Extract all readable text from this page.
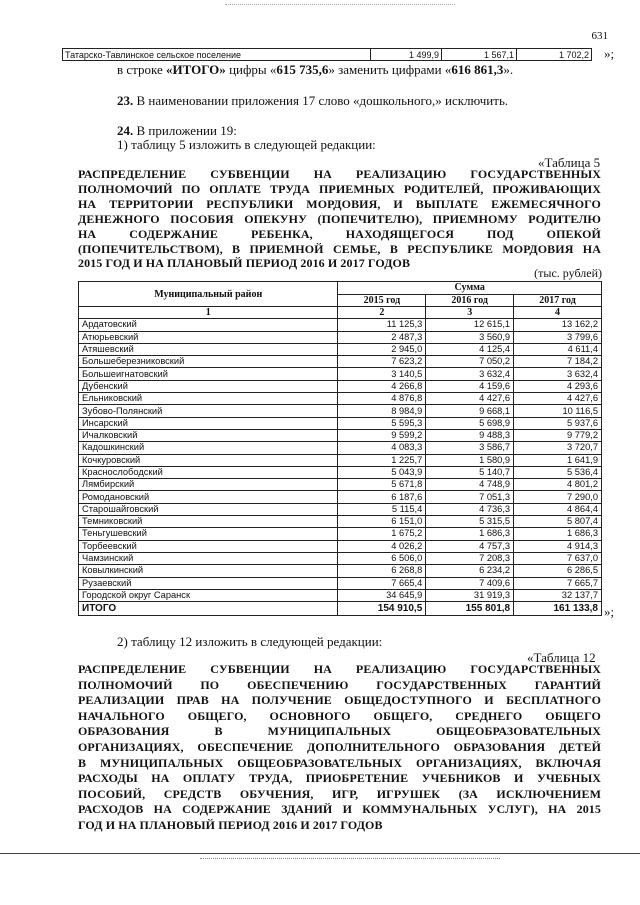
631
Татарско-Тавлинское сельское поселение	1 499,9	1 567,1	1 702,2 »;
в строке «ИТОГО» цифры «615 735,6» заменить цифрами «616 861,3».
23. В наименовании приложения 17 слово «дошкольного,» исключить.
24. В приложении 19:
1) таблицу 5 изложить в следующей редакции:
«Таблица 5
РАСПРЕДЕЛЕНИЕ СУБВЕНЦИИ НА РЕАЛИЗАЦИЮ ГОСУДАРСТВЕННЫХ
ПОЛНОМОЧИЙ ПО ОПЛАТЕ ТРУДА ПРИЕМНЫХ РОДИТЕЛЕЙ, ПРОЖИВАЮЩИХ
НА ТЕРРИТОРИИ РЕСПУБЛИКИ МОРДОВИЯ, И ВЫПЛАТЕ ЕЖЕМЕСЯЧНОГО
ДЕНЕЖНОГО ПОСОБИЯ ОПЕКУНУ (ПОПЕЧИТЕЛЮ), ПРИЕМНОМУ РОДИТЕЛЮ
НА СОДЕРЖАНИЕ РЕБЕНКА, НАХОДЯЩЕГОСЯ ПОД ОПЕКОЙ
(ПОПЕЧИТЕЛЬСТВОМ), В ПРИЕМНОЙ СЕМЬЕ, В РЕСПУБЛИКЕ МОРДОВИЯ НА
2015 ГОД И НА ПЛАНОВЫЙ ПЕРИОД 2016 И 2017 ГОДОВ
(тыс. рублей)
Муниципальный район	Сумма		
	2015 год	2016 год	2017 год
1	2	3	4
Ардатовский	11 125,3	12 615,1	13 162,2
Атюрьевский	2 487,3	3 560,9	3 799,6
Атяшевский	2 945,0	4 125,4	4 611,4
Большеберезниковский	7 623,2	7 050,2	7 184,2
Большеигнатовский	3 140,5	3 632,4	3 632,4
Дубенский	4 266,8	4 159,6	4 293,6
Ельниковский	4 876,8	4 427,6	4 427,6
Зубово-Полянский	8 984,9	9 668,1	10 116,5
Инсарский	5 595,3	5 698,9	5 937,6
Ичалковский	9 599,2	9 488,3	9 779,2
Кадошкинский	4 083,3	3 586,7	3 720,7
Кочкуровский	1 225,7	1 580,9	1 641,9
Краснослободский	5 043,9	5 140,7	5 536,4
Лямбирский	5 671,8	4 748,9	4 801,2
Ромодановский	6 187,6	7 051,3	7 290,0
Старошайговский	5 115,4	4 736,3	4 864,4
Темниковский	6 151,0	5 315,5	5 807,4
Теньгушевский	1 675,2	1 686,3	1 686,3
Торбеевский	4 026,2	4 757,3	4 914,3
Чамзинский	6 506,0	7 208,3	7 637,0
Ковылкинский	6 268,8	6 234,2	6 286,5
Рузаевский	7 665,4	7 409,6	7 665,7
Городской округ Саранск	34 645,9	31 919,3	32 137,7
ИТОГО	154 910,5	155 801,8	161 133,8 »;
2) таблицу 12 изложить в следующей редакции:
«Таблица 12
РАСПРЕДЕЛЕНИЕ СУБВЕНЦИИ НА РЕАЛИЗАЦИЮ ГОСУДАРСТВЕННЫХ
ПОЛНОМОЧИЙ ПО ОБЕСПЕЧЕНИЮ ГОСУДАРСТВЕННЫХ ГАРАНТИЙ
РЕАЛИЗАЦИИ ПРАВ НА ПОЛУЧЕНИЕ ОБЩЕДОСТУПНОГО И БЕСПЛАТНОГО
НАЧАЛЬНОГО ОБЩЕГО, ОСНОВНОГО ОБЩЕГО, СРЕДНЕГО ОБЩЕГО
ОБРАЗОВАНИЯ В МУНИЦИПАЛЬНЫХ ОБЩЕОБРАЗОВАТЕЛЬНЫХ
ОРГАНИЗАЦИЯХ, ОБЕСПЕЧЕНИЕ ДОПОЛНИТЕЛЬНОГО ОБРАЗОВАНИЯ ДЕТЕЙ
В МУНИЦИПАЛЬНЫХ ОБЩЕОБРАЗОВАТЕЛЬНЫХ ОРГАНИЗАЦИЯХ, ВКЛЮЧАЯ
РАСХОДЫ НА ОПЛАТУ ТРУДА, ПРИОБРЕТЕНИЕ УЧЕБНИКОВ И УЧЕБНЫХ
ПОСОБИЙ, СРЕДСТВ ОБУЧЕНИЯ, ИГР, ИГРУШЕК (ЗА ИСКЛЮЧЕНИЕМ
РАСХОДОВ НА СОДЕРЖАНИЕ ЗДАНИЙ И КОММУНАЛЬНЫХ УСЛУГ), НА 2015
ГОД И НА ПЛАНОВЫЙ ПЕРИОД 2016 И 2017 ГОДОВ
